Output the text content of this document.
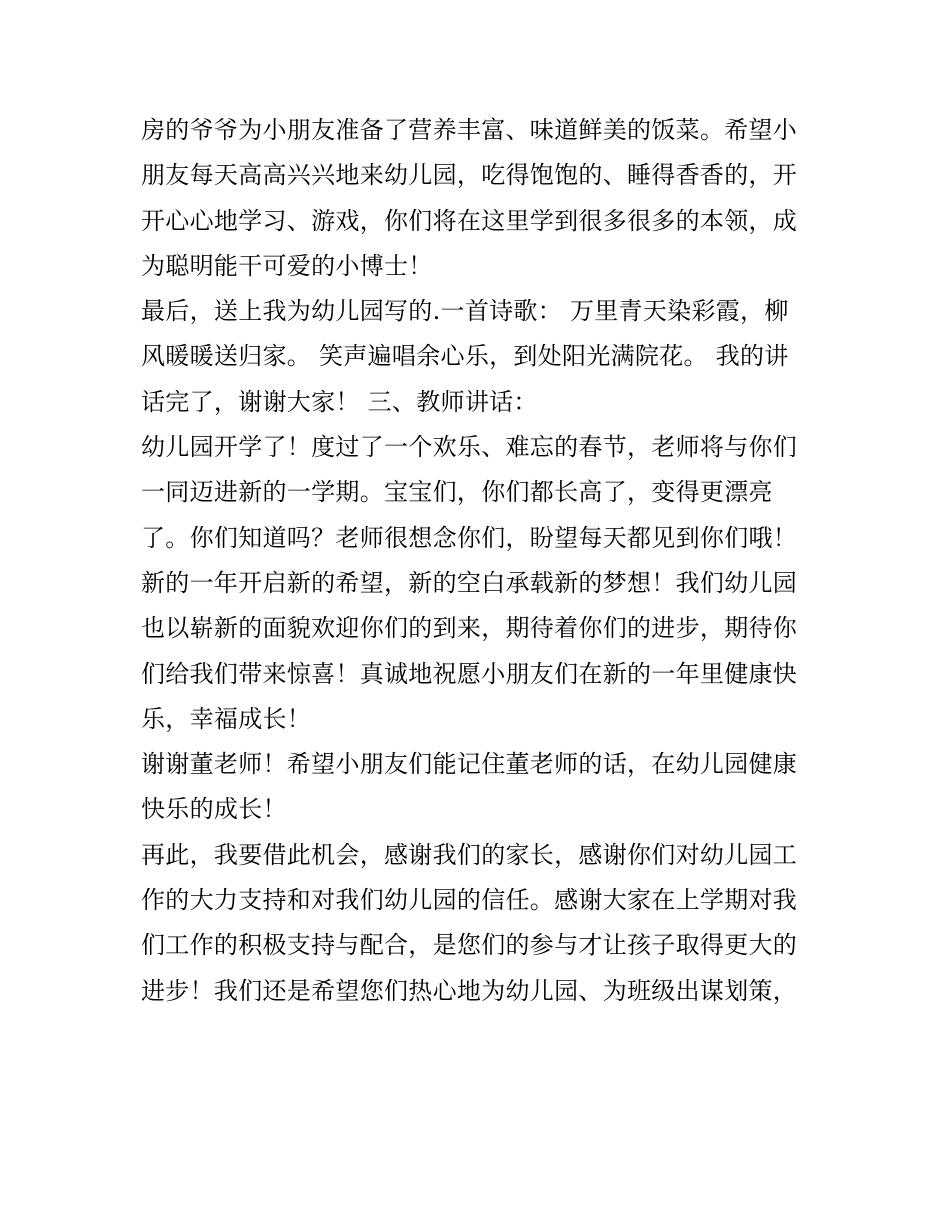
房的爷爷为小朋友准备了营养丰富、味道鲜美的饭菜。希望小
朋友每天高高兴兴地来幼儿园，吃得饱饱的、睡得香香的，开
开心心地学习、游戏，你们将在这里学到很多很多的本领，成
为聪明能干可爱的小博士！
最后，送上我为幼儿园写的.一首诗歌： 万里青天染彩霞，柳
风暖暖送归家。 笑声遍唱余心乐，到处阳光满院花。 我的讲
话完了，谢谢大家！ 三、教师讲话：
幼儿园开学了！度过了一个欢乐、难忘的春节，老师将与你们
一同迈进新的一学期。宝宝们，你们都长高了，变得更漂亮
了。你们知道吗？老师很想念你们，盼望每天都见到你们哦！
新的一年开启新的希望，新的空白承载新的梦想！我们幼儿园
也以崭新的面貌欢迎你们的到来，期待着你们的进步，期待你
们给我们带来惊喜！真诚地祝愿小朋友们在新的一年里健康快
乐，幸福成长！
谢谢董老师！希望小朋友们能记住董老师的话，在幼儿园健康
快乐的成长！
再此，我要借此机会，感谢我们的家长，感谢你们对幼儿园工
作的大力支持和对我们幼儿园的信任。感谢大家在上学期对我
们工作的积极支持与配合，是您们的参与才让孩子取得更大的
进步！我们还是希望您们热心地为幼儿园、为班级出谋划策，
